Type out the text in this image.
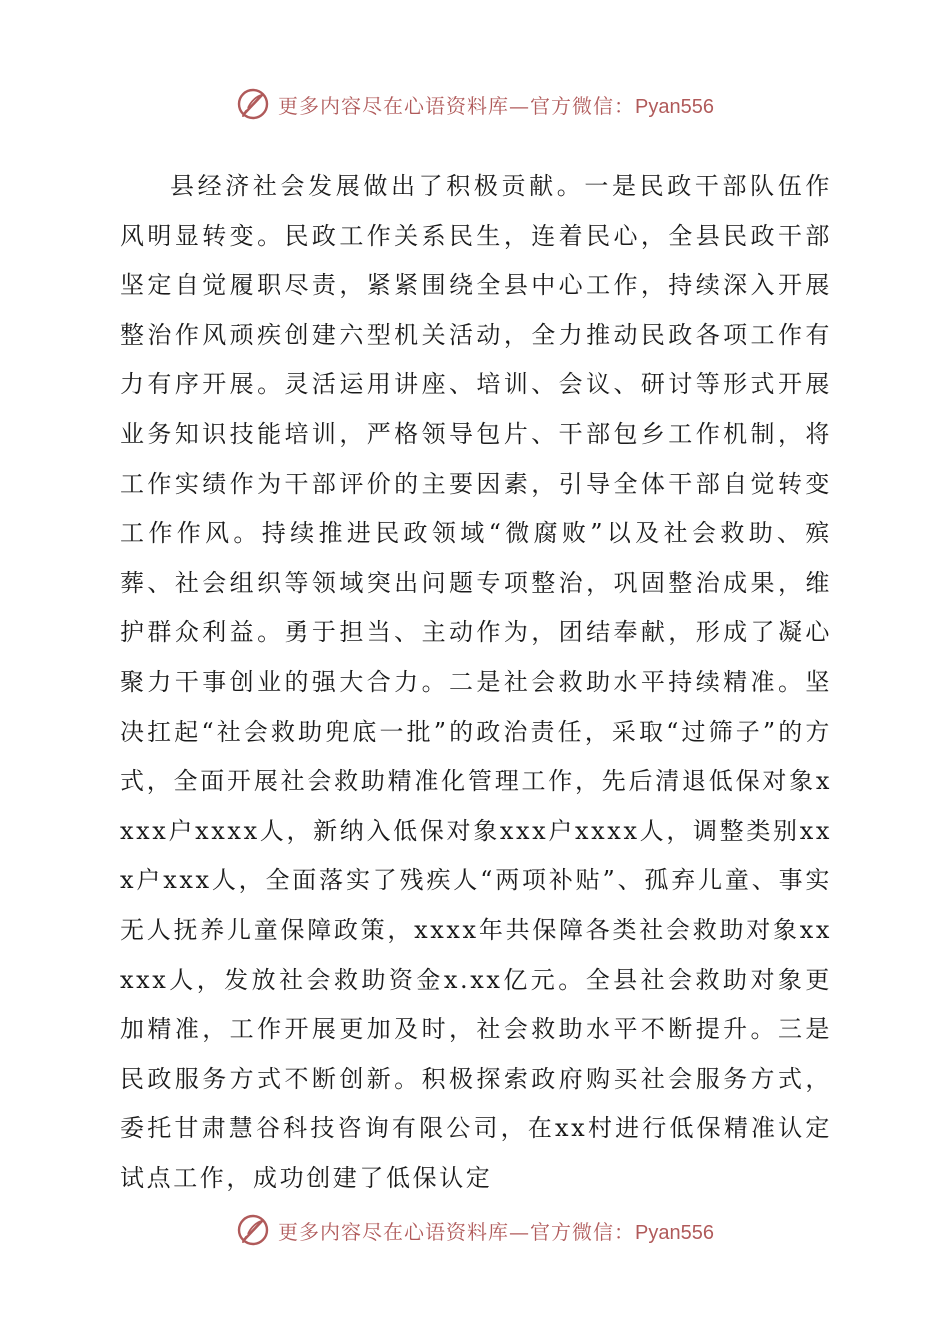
更多内容尽在心语资料库—官方微信：Pyan556

县经济社会发展做出了积极贡献。一是民政干部队伍作风明显转变。民政工作关系民生，连着民心，全县民政干部坚定自觉履职尽责，紧紧围绕全县中心工作，持续深入开展整治作风顽疾创建六型机关活动，全力推动民政各项工作有力有序开展。灵活运用讲座、培训、会议、研讨等形式开展业务知识技能培训，严格领导包片、干部包乡工作机制，将工作实绩作为干部评价的主要因素，引导全体干部自觉转变工作作风。持续推进民政领域“微腐败”以及社会救助、殡葬、社会组织等领域突出问题专项整治，巩固整治成果，维护群众利益。勇于担当、主动作为，团结奉献，形成了凝心聚力干事创业的强大合力。二是社会救助水平持续精准。坚决扛起“社会救助兜底一批”的政治责任，采取“过筛子”的方式，全面开展社会救助精准化管理工作，先后清退低保对象xxxx户xxxx人，新纳入低保对象xxx户xxxx人，调整类别xxx户xxx人，全面落实了残疾人“两项补贴”、孤弃儿童、事实无人抚养儿童保障政策，xxxx年共保障各类社会救助对象xxxxx人，发放社会救助资金x.xx亿元。全县社会救助对象更加精准，工作开展更加及时，社会救助水平不断提升。三是民政服务方式不断创新。积极探索政府购买社会服务方式，委托甘肃慧谷科技咨询有限公司，在xx村进行低保精准认定试点工作，成功创建了低保认定

更多内容尽在心语资料库—官方微信：Pyan556
